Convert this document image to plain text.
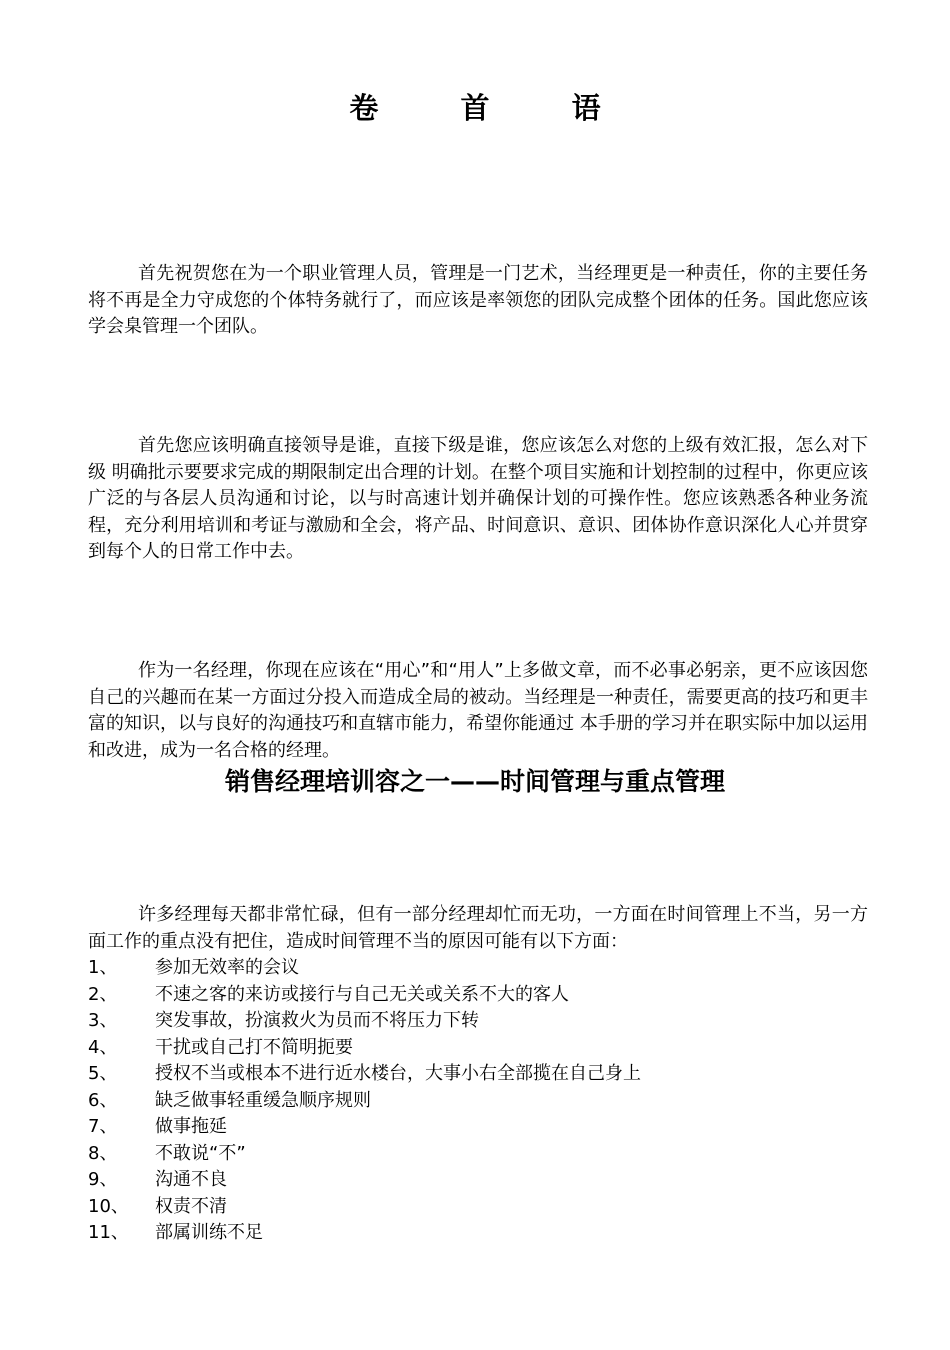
卷 首 语

首先祝贺您在为一个职业管理人员，管理是一门艺术，当经理更是一种责任，你的主要任务将不再是全力守成您的个体特务就行了，而应该是率领您的团队完成整个团体的任务。国此您应该学会臬管理一个团队。

首先您应该明确直接领导是谁，直接下级是谁，您应该怎么对您的上级有效汇报，怎么对下级 明确批示要要求完成的期限制定出合理的计划。在整个项目实施和计划控制的过程中，你更应该广泛的与各层人员沟通和讨论，以与时高速计划并确保计划的可操作性。您应该熟悉各种业务流程，充分利用培训和考证与激励和全会，将产品、时间意识、意识、团体协作意识深化人心并贯穿到每个人的日常工作中去。

作为一名经理，你现在应该在“用心”和“用人”上多做文章，而不必事必躬亲，更不应该因您自己的兴趣而在某一方面过分投入而造成全局的被动。当经理是一种责任，需要更高的技巧和更丰富的知识，以与良好的沟通技巧和直辖市能力，希望你能通过 本手册的学习并在职实际中加以运用和改进，成为一名合格的经理。

销售经理培训容之一——时间管理与重点管理

许多经理每天都非常忙碌，但有一部分经理却忙而无功，一方面在时间管理上不当，另一方面工作的重点没有把住，造成时间管理不当的原因可能有以下方面：

1、 参加无效率的会议
2、 不速之客的来访或接行与自己无关或关系不大的客人
3、 突发事故，扮演救火为员而不将压力下转
4、 干扰或自己打不简明扼要
5、 授权不当或根本不进行近水楼台，大事小右全部揽在自己身上
6、 缺乏做事轻重缓急顺序规则
7、 做事拖延
8、 不敢说“不”
9、 沟通不良
10、 权责不清
11、 部属训练不足
